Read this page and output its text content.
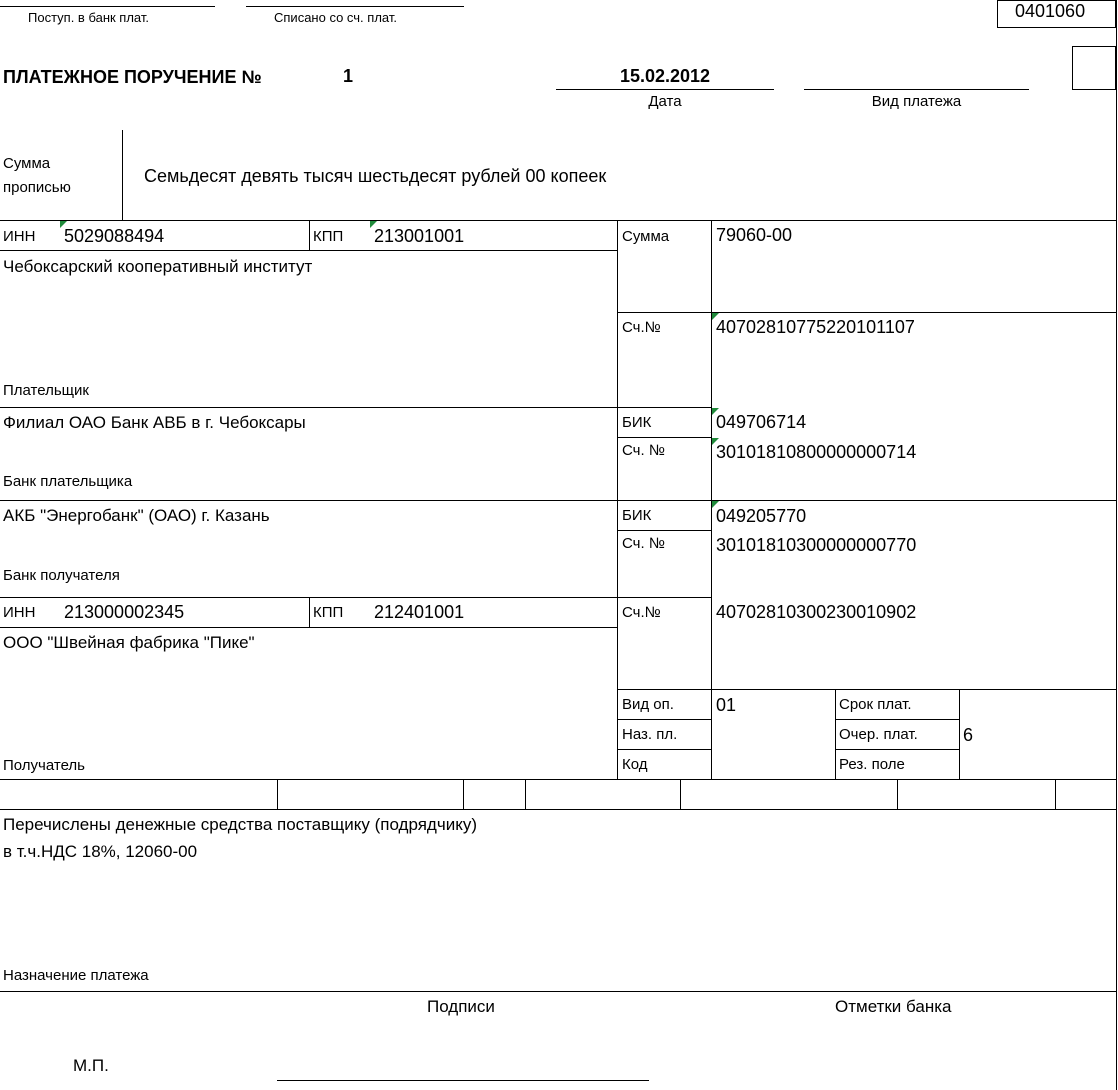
Поступ. в банк плат.	Списано со сч. плат.	0401060
ПЛАТЕЖНОЕ ПОРУЧЕНИЕ №	1	15.02.2012
Дата	Вид платежа
Сумма
прописью
Семьдесят девять тысяч шестьдесят рублей 00 копеек
ИНН 5029088494	КПП 213001001
Чебоксарский кооперативный институт
Плательщик
Сумма	79060-00
Сч.№	40702810775220101107
Филиал ОАО Банк АВБ в г. Чебоксары
Банк плательщика
БИК	049706714
Сч. №	30101810800000000714
АКБ "Энергобанк" (ОАО) г. Казань
Банк получателя
БИК	049205770
Сч. №	30101810300000000770
ИНН 213000002345	КПП 212401001
ООО "Швейная фабрика "Пике"
Получатель
Сч.№	40702810300230010902
Вид оп. 01
Наз. пл.
Код
Срок плат.
Очер. плат.	6
Рез. поле
Перечислены денежные средства поставщику (подрядчику)
в т.ч.НДС 18%, 12060-00
Назначение платежа
Подписи	Отметки банка
М.П.
